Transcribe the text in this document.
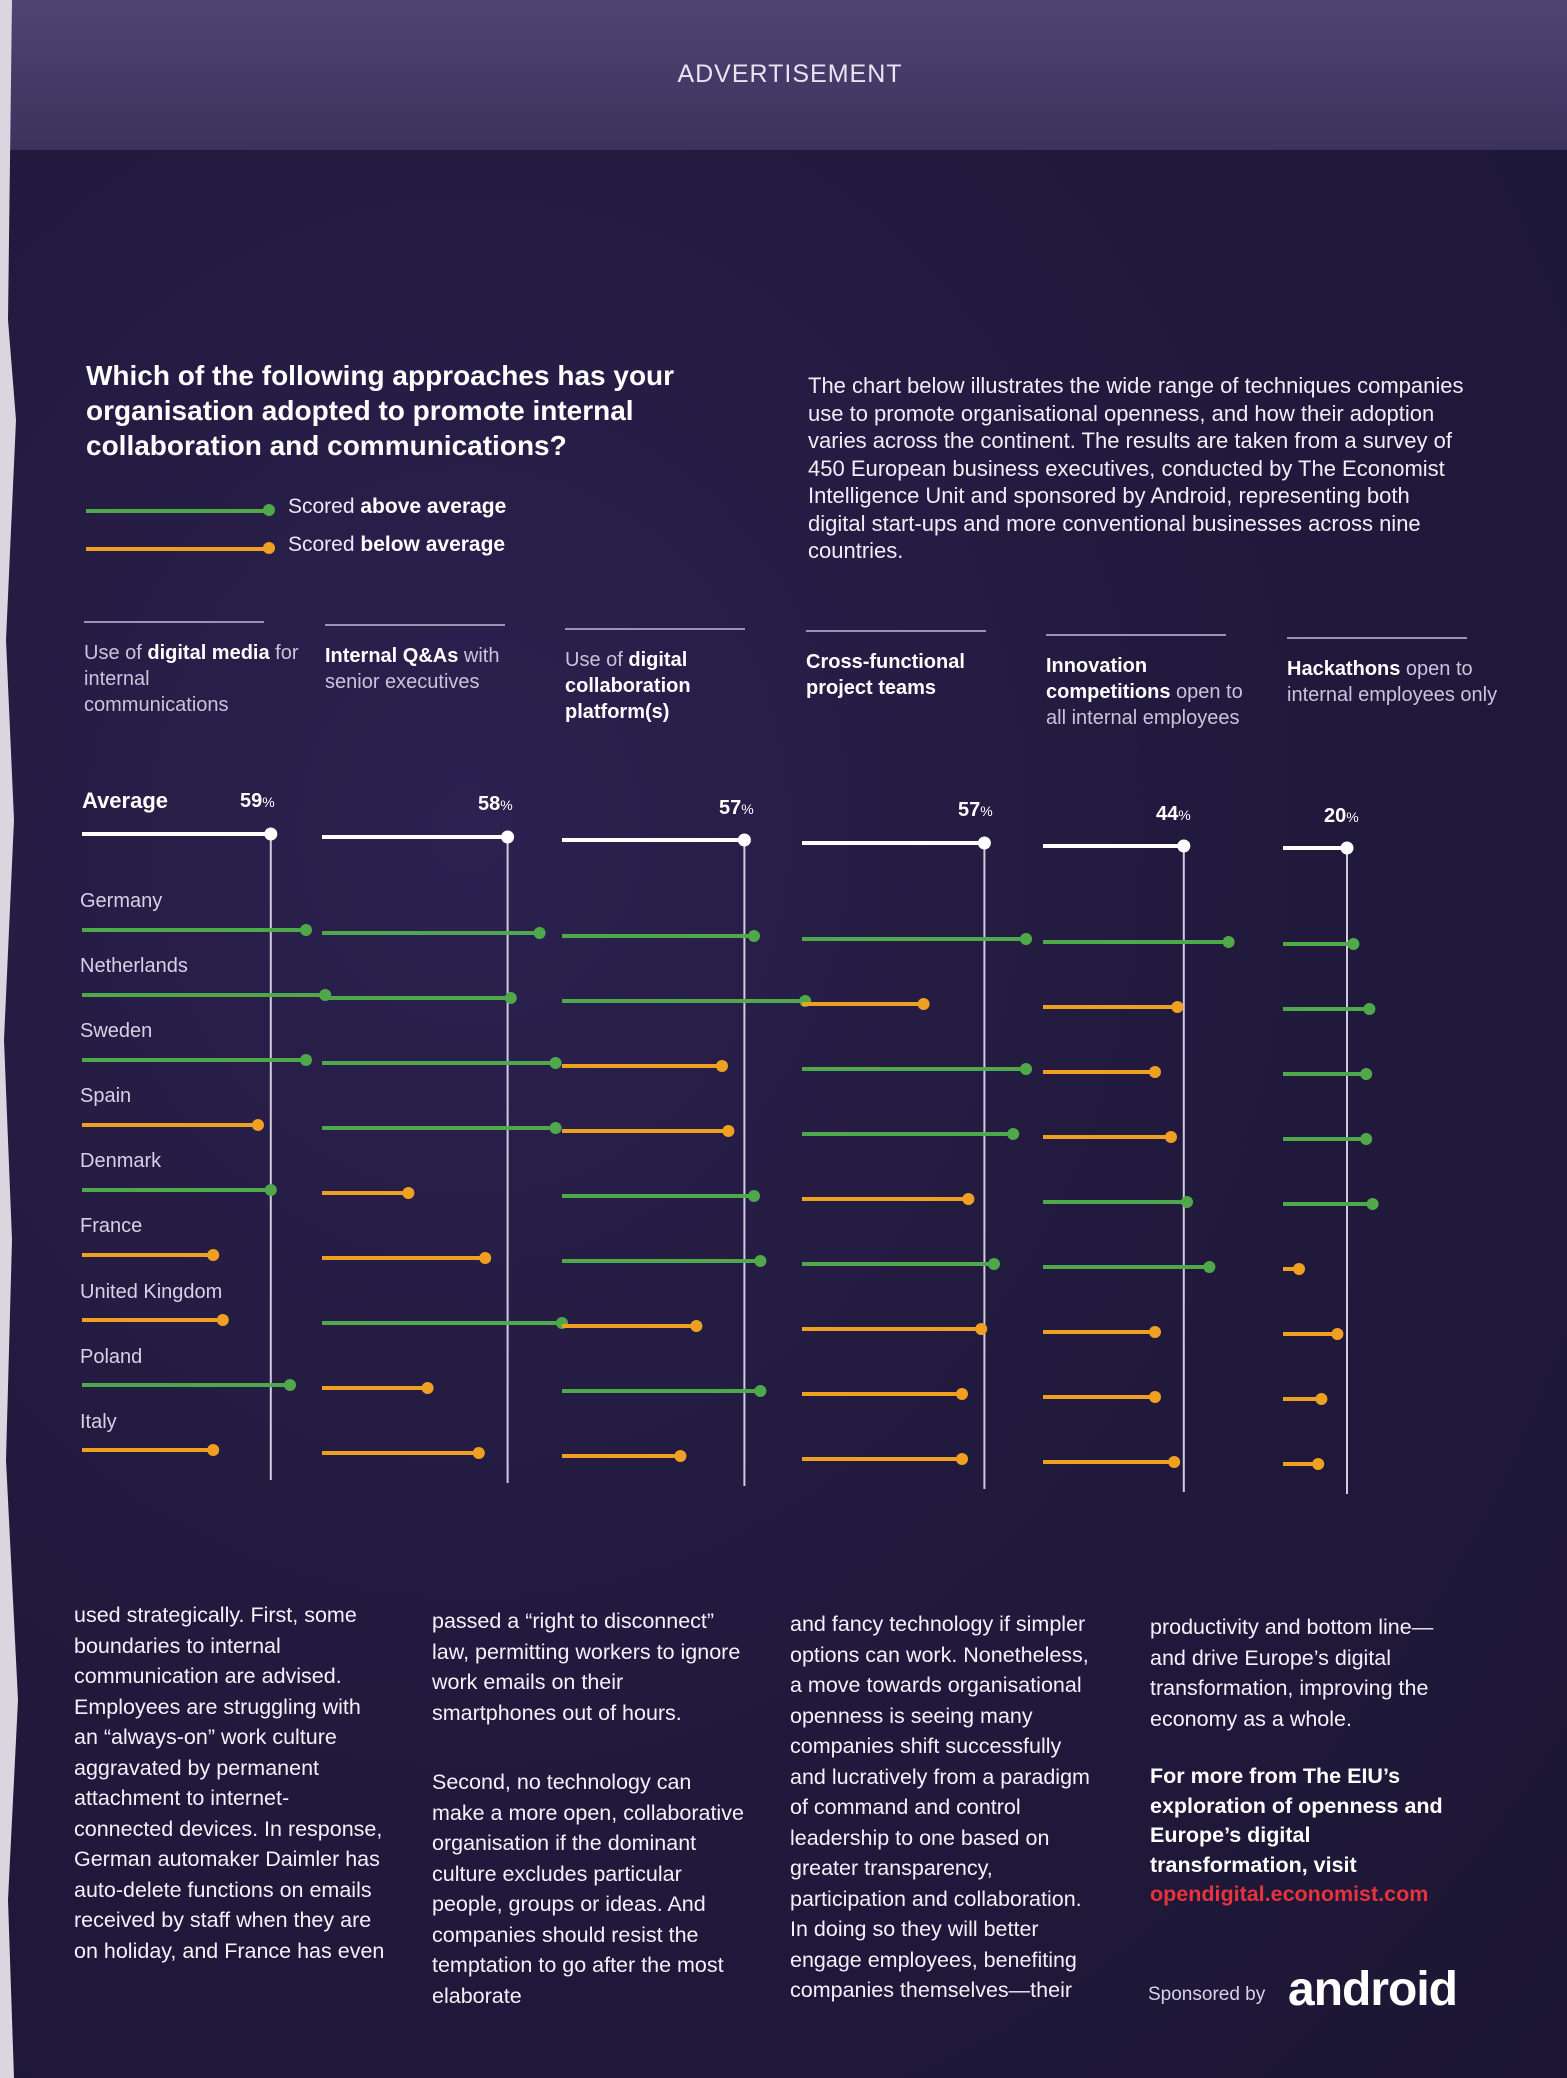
ADVERTISEMENT
Which of the following approaches has your organisation adopted to promote internal collaboration and communications?
The chart below illustrates the wide range of techniques companies use to promote organisational openness, and how their adoption varies across the continent. The results are taken from a survey of 450 European business executives, conducted by The Economist Intelligence Unit and sponsored by Android, representing both digital start-ups and more conventional businesses across nine countries.
Scored above average
Scored below average
Use of digital media for internal communications
Internal Q&As with senior executives
Use of digital collaboration platform(s)
Cross-functional project teams
Innovation competitions open to all internal employees
Hackathons open to internal employees only
Average	59%	58%	57%	57%	44%	20%
Germany
Netherlands
Sweden
Spain
Denmark
France
United Kingdom
Poland
Italy
used strategically. First, some boundaries to internal communication are advised. Employees are struggling with an “always-on” work culture aggravated by permanent attachment to internet-connected devices. In response, German automaker Daimler has auto-delete functions on emails received by staff when they are on holiday, and France has even
passed a “right to disconnect” law, permitting workers to ignore work emails on their smartphones out of hours.
Second, no technology can make a more open, collaborative organisation if the dominant culture excludes particular people, groups or ideas. And companies should resist the temptation to go after the most elaborate
and fancy technology if simpler options can work. Nonetheless, a move towards organisational openness is seeing many companies shift successfully and lucratively from a paradigm of command and control leadership to one based on greater transparency, participation and collaboration. In doing so they will better engage employees, benefiting companies themselves—their
productivity and bottom line—and drive Europe’s digital transformation, improving the economy as a whole.
For more from The EIU’s exploration of openness and Europe’s digital transformation, visit opendigital.economist.com
Sponsored by android
